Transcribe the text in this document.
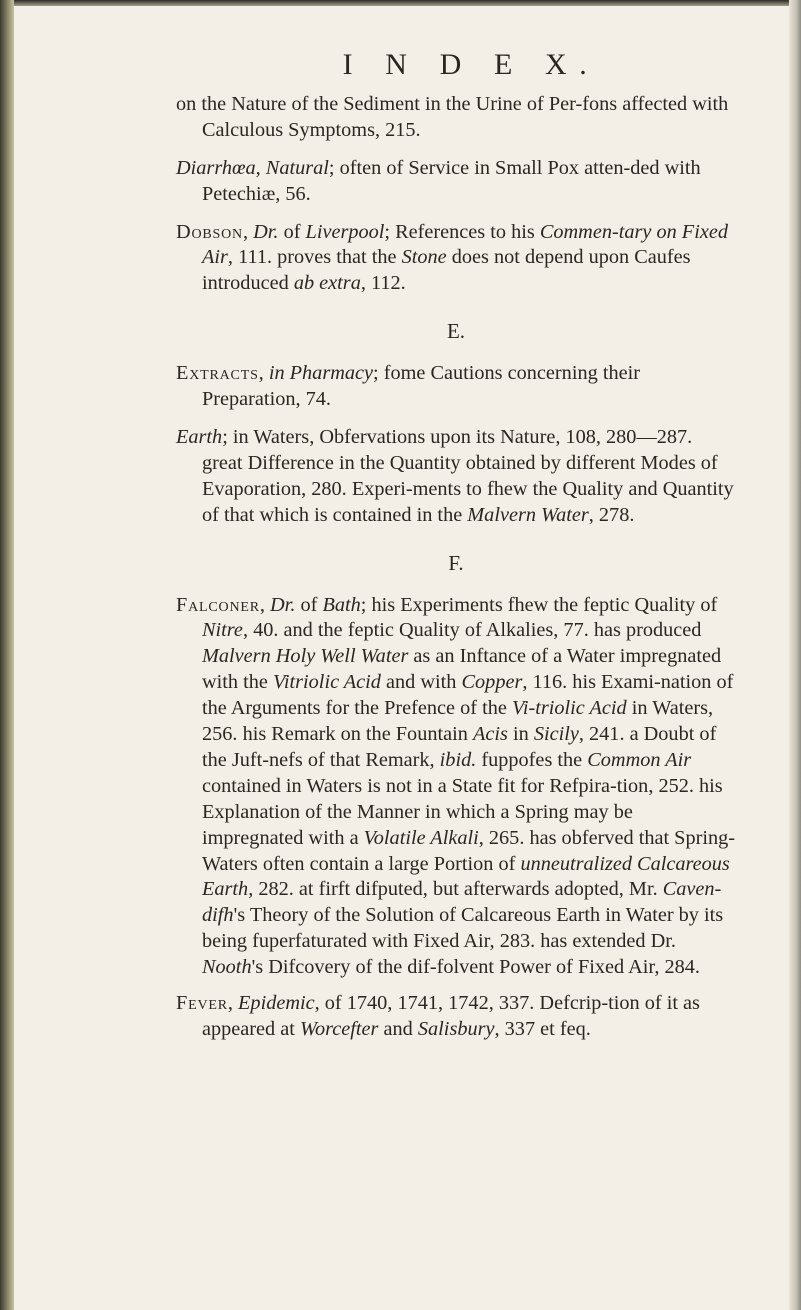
I N D E X.

on the Nature of the Sediment in the Urine of Per-fons affected with Calculous Symptoms, 215.

Diarrhœa, Natural; often of Service in Small Pox atten-ded with Petechiæ, 56.

Dobson, Dr. of Liverpool; References to his Commen-tary on Fixed Air, 111. proves that the Stone does not depend upon Caufes introduced ab extra, 112.

E.

Extracts, in Pharmacy; fome Cautions concerning their Preparation, 74.

Earth; in Waters, Obfervations upon its Nature, 108, 280—287. great Difference in the Quantity obtained by different Modes of Evaporation, 280. Experi-ments to fhew the Quality and Quantity of that which is contained in the Malvern Water, 278.

F.

Falconer, Dr. of Bath; his Experiments fhew the feptic Quality of Nitre, 40. and the feptic Quality of Alkalies, 77. has produced Malvern Holy Well Water as an Inftance of a Water impregnated with the Vitriolic Acid and with Copper, 116. his Exami-nation of the Arguments for the Prefence of the Vi-triolic Acid in Waters, 256. his Remark on the Fountain Acis in Sicily, 241. a Doubt of the Juft-nefs of that Remark, ibid. fuppofes the Common Air contained in Waters is not in a State fit for Refpira-tion, 252. his Explanation of the Manner in which a Spring may be impregnated with a Volatile Alkali, 265. has obferved that Spring-Waters often contain a large Portion of unneutralized Calcareous Earth, 282. at firft difputed, but afterwards adopted, Mr. Caven-difh's Theory of the Solution of Calcareous Earth in Water by its being fuperfaturated with Fixed Air, 283. has extended Dr. Nooth's Difcovery of the dif-folvent Power of Fixed Air, 284.

Fever, Epidemic, of 1740, 1741, 1742, 337. Defcrip-tion of it as appeared at Worcefter and Salisbury, 337 et feq.
